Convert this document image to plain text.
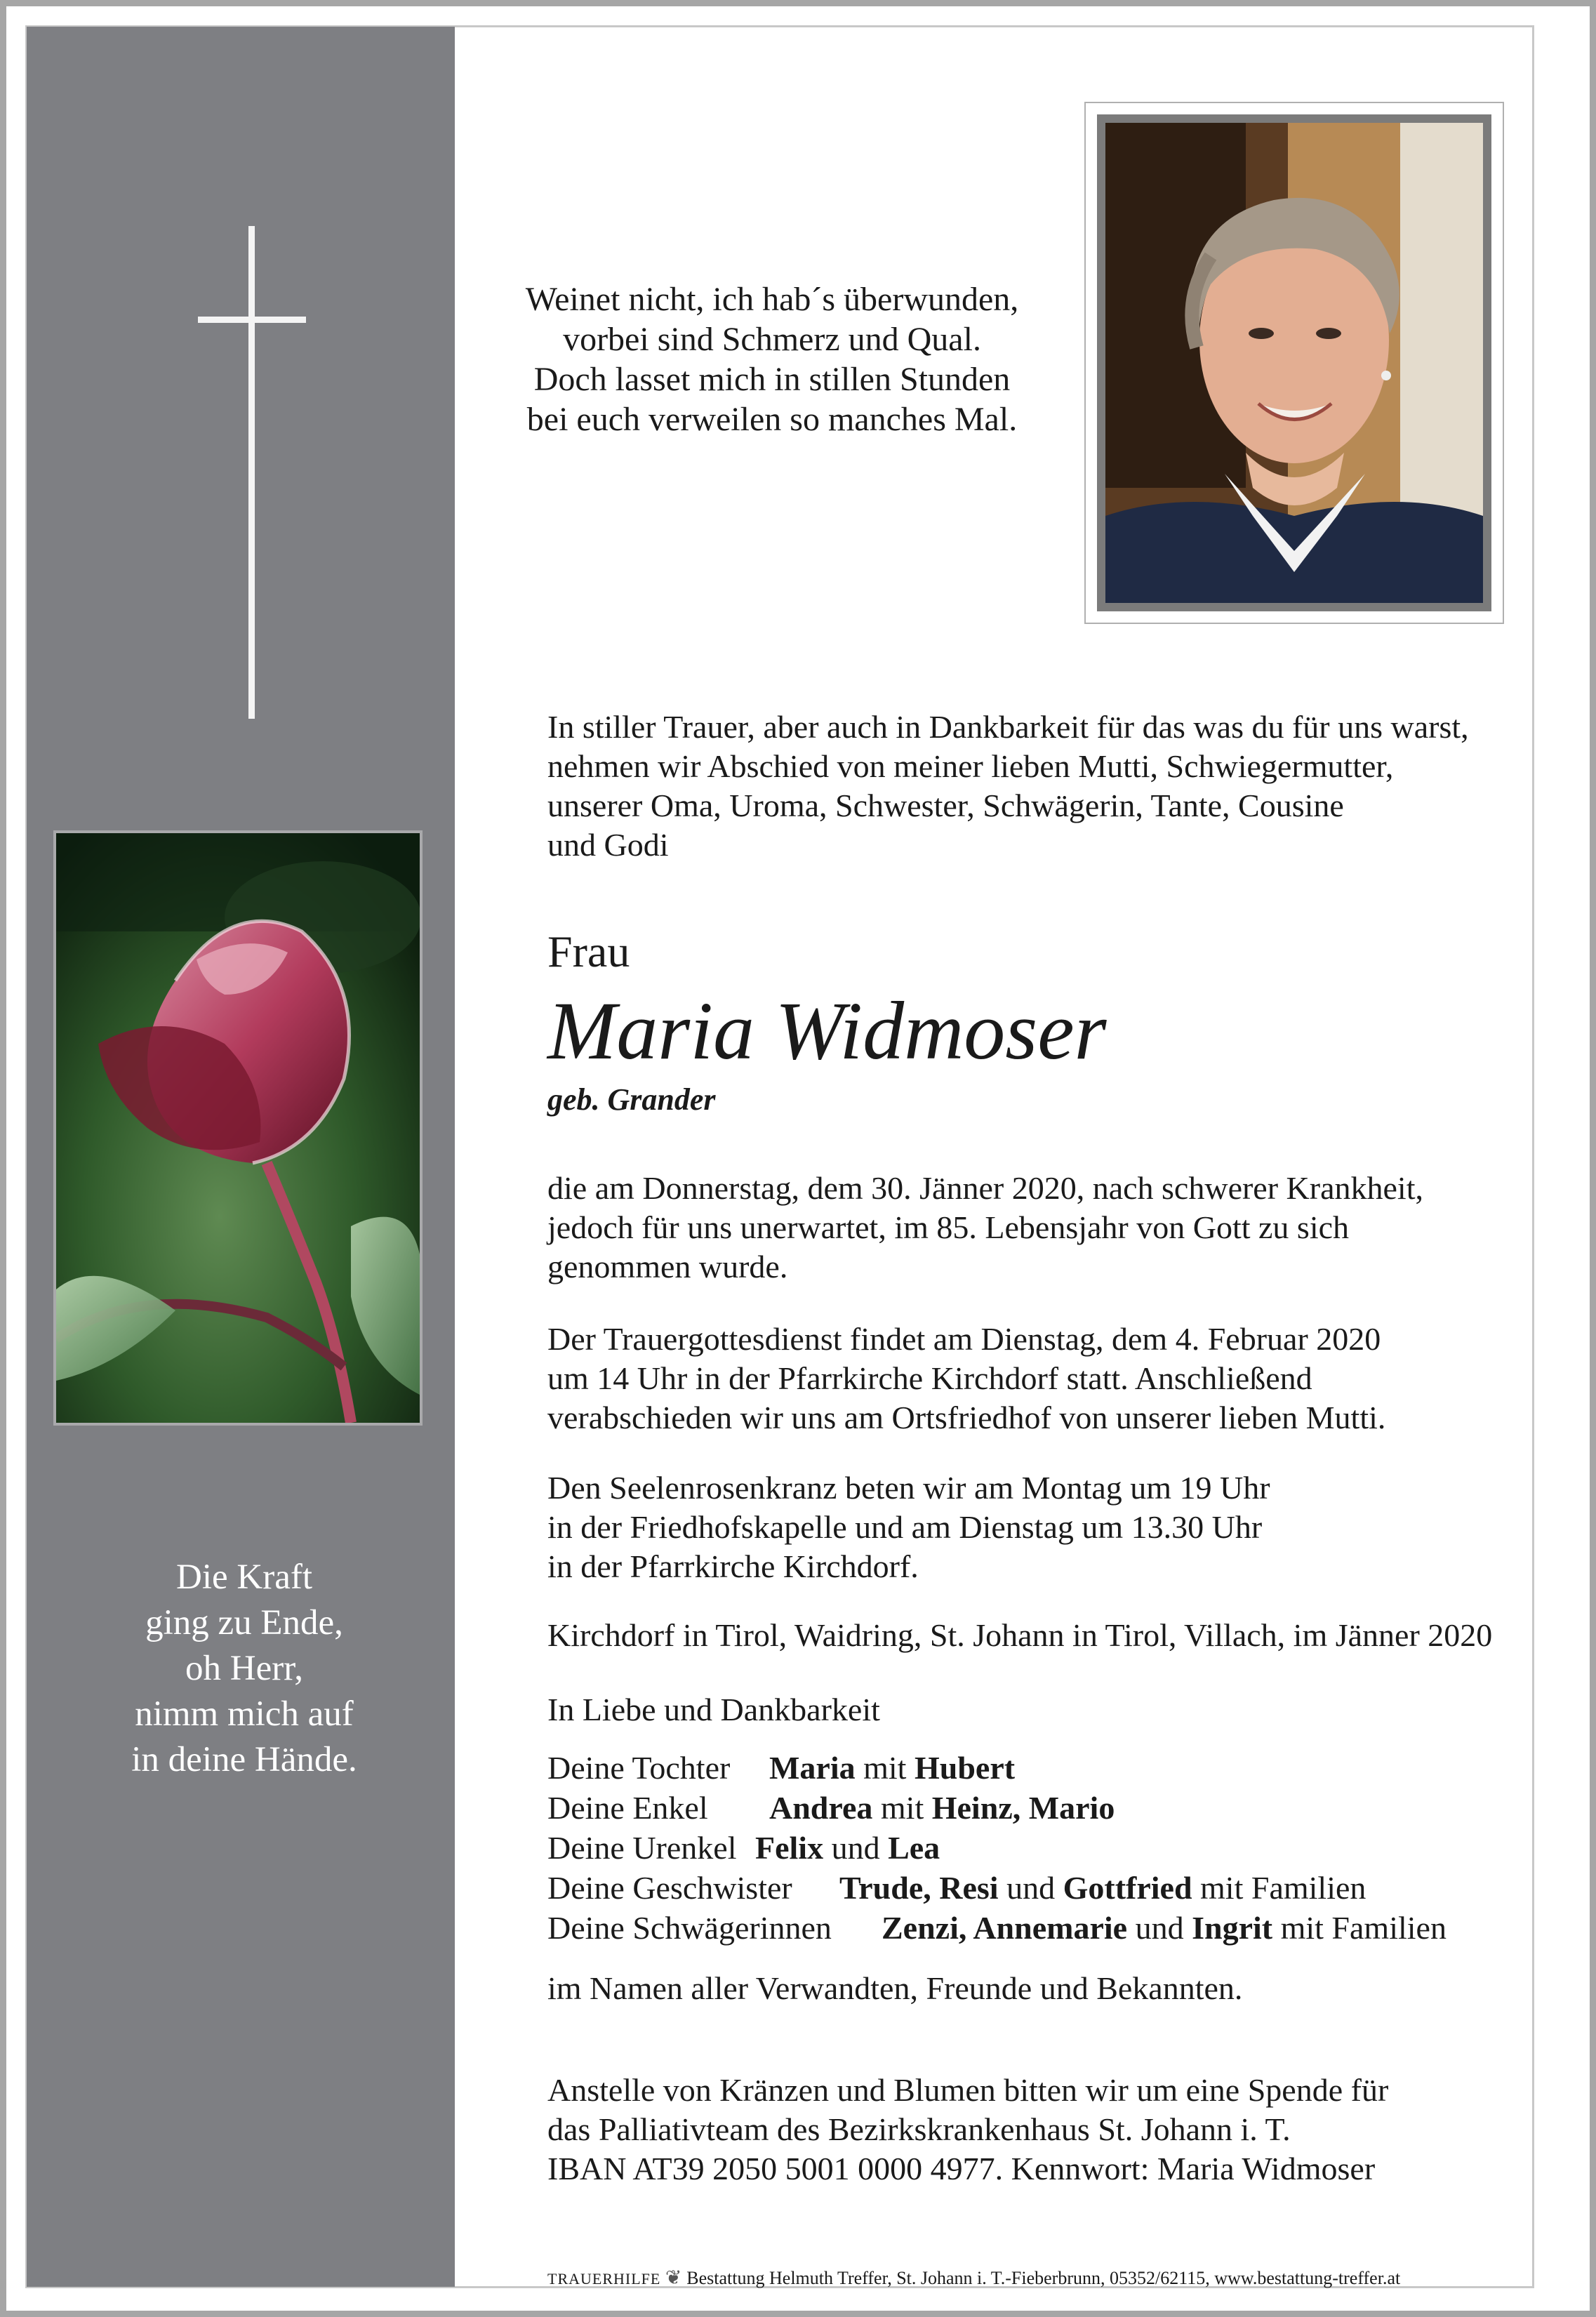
Die Kraft
ging zu Ende,
oh Herr,
nimm mich auf
in deine Hände.
Weinet nicht, ich hab´s überwunden,
vorbei sind Schmerz und Qual.
Doch lasset mich in stillen Stunden
bei euch verweilen so manches Mal.
In stiller Trauer, aber auch in Dankbarkeit für das was du für uns warst,
nehmen wir Abschied von meiner lieben Mutti, Schwiegermutter,
unserer Oma, Uroma, Schwester, Schwägerin, Tante, Cousine
und Godi
Frau
Maria Widmoser
geb. Grander
die am Donnerstag, dem 30. Jänner 2020, nach schwerer Krankheit,
jedoch für uns unerwartet, im 85. Lebensjahr von Gott zu sich
genommen wurde.
Der Trauergottesdienst findet am Dienstag, dem 4. Februar 2020
um 14 Uhr in der Pfarrkirche Kirchdorf statt. Anschließend
verabschieden wir uns am Ortsfriedhof von unserer lieben Mutti.
Den Seelenrosenkranz beten wir am Montag um 19 Uhr
in der Friedhofskapelle und am Dienstag um 13.30 Uhr
in der Pfarrkirche Kirchdorf.
Kirchdorf in Tirol, Waidring, St. Johann in Tirol, Villach, im Jänner 2020
In Liebe und Dankbarkeit
Deine Tochter Maria mit Hubert
Deine Enkel Andrea mit Heinz, Mario
Deine Urenkel Felix und Lea
Deine Geschwister Trude, Resi und Gottfried mit Familien
Deine Schwägerinnen Zenzi, Annemarie und Ingrit mit Familien
im Namen aller Verwandten, Freunde und Bekannten.
Anstelle von Kränzen und Blumen bitten wir um eine Spende für
das Palliativteam des Bezirkskrankenhaus St. Johann i. T.
IBAN AT39 2050 5001 0000 4977. Kennwort: Maria Widmoser
TRAUERHILFE ❦ Bestattung Helmuth Treffer, St. Johann i. T.-Fieberbrunn, 05352/62115, www.bestattung-treffer.at
